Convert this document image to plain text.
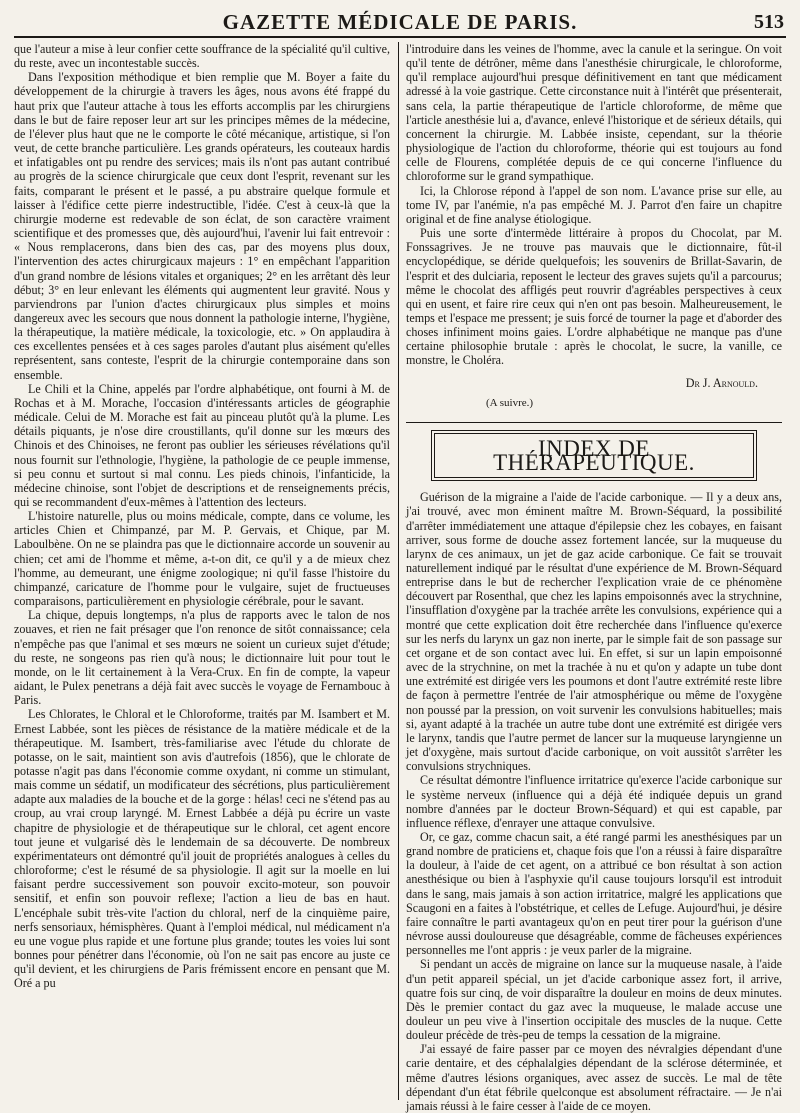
GAZETTE MÉDICALE DE PARIS.	513

que l'auteur a mise à leur confier cette souffrance de la spécialité qu'il cultive, du reste, avec un incontestable succès.

Dans l'exposition méthodique et bien remplie que M. Boyer a faite du développement de la chirurgie à travers les âges, nous avons été frappé du haut prix que l'auteur attache à tous les efforts accomplis par les chirurgiens dans le but de faire reposer leur art sur les principes mêmes de la médecine, de l'élever plus haut que ne le comporte le côté mécanique, artistique, si l'on veut, de cette branche particulière. Les grands opérateurs, les couteaux hardis et infatigables ont pu rendre des services; mais ils n'ont pas autant contribué au progrès de la science chirurgicale que ceux dont l'esprit, revenant sur les faits, comparant le présent et le passé, a pu abstraire quelque formule et laisser à l'édifice cette pierre indestructible, l'idée. C'est à ceux-là que la chirurgie moderne est redevable de son éclat, de son caractère vraiment scientifique et des promesses que, dès aujourd'hui, l'avenir lui fait entrevoir : « Nous remplacerons, dans bien des cas, par des moyens plus doux, l'intervention des actes chirurgicaux majeurs : 1° en empêchant l'apparition d'un grand nombre de lésions vitales et organiques; 2° en les arrêtant dès leur début; 3° en leur enlevant les éléments qui augmentent leur gravité. Nous y parviendrons par l'union d'actes chirurgicaux plus simples et moins dangereux avec les secours que nous donnent la pathologie interne, l'hygiène, la thérapeutique, la matière médicale, la toxicologie, etc. » On applaudira à ces excellentes pensées et à ces sages paroles d'autant plus aisément qu'elles représentent, sans conteste, l'esprit de la chirurgie contemporaine dans son ensemble.

Le Chili et la Chine, appelés par l'ordre alphabétique, ont fourni à M. de Rochas et à M. Morache, l'occasion d'intéressants articles de géographie médicale. Celui de M. Morache est fait au pinceau plutôt qu'à la plume. Les détails piquants, je n'ose dire croustillants, qu'il donne sur les mœurs des Chinois et des Chinoises, ne feront pas oublier les sérieuses révélations qu'il nous fournit sur l'ethnologie, l'hygiène, la pathologie de ce peuple immense, si peu connu et surtout si mal connu. Les pieds chinois, l'infanticide, la médecine chinoise, sont l'objet de descriptions et de renseignements précis, qui se recommandent d'eux-mêmes à l'attention des lecteurs.

L'histoire naturelle, plus ou moins médicale, compte, dans ce volume, les articles Chien et Chimpanzé, par M. P. Gervais, et Chique, par M. Laboulbène. On ne se plaindra pas que le dictionnaire accorde un souvenir au chien; cet ami de l'homme et même, a-t-on dit, ce qu'il y a de mieux chez l'homme, au demeurant, une énigme zoologique; ni qu'il fasse l'histoire du chimpanzé, caricature de l'homme pour le vulgaire, sujet de fructueuses comparaisons, particulièrement en physiologie cérébrale, pour le savant.

La chique, depuis longtemps, n'a plus de rapports avec le talon de nos zouaves, et rien ne fait présager que l'on renonce de sitôt connaissance; cela n'empêche pas que l'animal et ses mœurs ne soient un curieux sujet d'étude; du reste, ne songeons pas rien qu'à nous; le dictionnaire luit pour tout le monde, on le lit certainement à la Vera-Crux. En fin de compte, la vapeur aidant, le Pulex penetrans a déjà fait avec succès le voyage de Fernambouc à Paris.

Les Chlorates, le Chloral et le Chloroforme, traités par M. Isambert et M. Ernest Labbée, sont les pièces de résistance de la matière médicale et de la thérapeutique. M. Isambert, très-familiarise avec l'étude du chlorate de potasse, on le sait, maintient son avis d'autrefois (1856), que le chlorate de potasse n'agit pas dans l'économie comme oxydant, ni comme un stimulant, mais comme un sédatif, un modificateur des sécrétions, plus particulièrement adapte aux maladies de la bouche et de la gorge : hélas! ceci ne s'étend pas au croup, au vrai croup laryngé. M. Ernest Labbée a déjà pu écrire un vaste chapitre de physiologie et de thérapeutique sur le chloral, cet agent encore tout jeune et vulgarisé dès le lendemain de sa découverte. De nombreux expérimentateurs ont démontré qu'il jouit de propriétés analogues à celles du chloroforme; c'est le résumé de sa physiologie. Il agit sur la moelle en lui faisant perdre successivement son pouvoir excito-moteur, son pouvoir sensitif, et enfin son pouvoir reflexe; l'action a lieu de bas en haut. L'encéphale subit très-vite l'action du chloral, nerf de la cinquième paire, nerfs sensoriaux, hémisphères. Quant à l'emploi médical, nul médicament n'a eu une vogue plus rapide et une fortune plus grande; toutes les voies lui sont bonnes pour pénétrer dans l'économie, où l'on ne sait pas encore au juste ce qu'il devient, et les chirurgiens de Paris frémissent encore en pensant que M. Oré a pu

l'introduire dans les veines de l'homme, avec la canule et la seringue. On voit qu'il tente de détrôner, même dans l'anesthésie chirurgicale, le chloroforme, qu'il remplace aujourd'hui presque définitivement en tant que médicament adressé à la voie gastrique. Cette circonstance nuit à l'intérêt que présenterait, sans cela, la partie thérapeutique de l'article chloroforme, de même que l'article anesthésie lui a, d'avance, enlevé l'historique et de sérieux détails, qui concernent la chirurgie. M. Labbée insiste, cependant, sur la théorie physiologique de l'action du chloroforme, théorie qui est toujours au fond celle de Flourens, complétée depuis de ce qui concerne l'influence du chloroforme sur le grand sympathique.

Ici, la Chlorose répond à l'appel de son nom. L'avance prise sur elle, au tome IV, par l'anémie, n'a pas empêché M. J. Parrot d'en faire un chapitre original et de fine analyse étiologique.

Puis une sorte d'intermède littéraire à propos du Chocolat, par M. Fonssagrives. Je ne trouve pas mauvais que le dictionnaire, fût-il encyclopédique, se déride quelquefois; les souvenirs de Brillat-Savarin, de l'esprit et des dulciaria, reposent le lecteur des graves sujets qu'il a parcourus; même le chocolat des affligés peut rouvrir d'agréables perspectives à ceux qui en usent, et faire rire ceux qui n'en ont pas besoin. Malheureusement, le temps et l'espace me pressent; je suis forcé de tourner la page et d'aborder des choses infiniment moins gaies. L'ordre alphabétique ne manque pas d'une certaine philosophie brutale : après le chocolat, le sucre, la vanille, ce monstre, le Choléra.

Dr J. Arnould.
(A suivre.)
INDEX DE THÉRAPEUTIQUE.

Guérison de la migraine a l'aide de l'acide carbonique. — Il y a deux ans, j'ai trouvé, avec mon éminent maître M. Brown-Séquard, la possibilité d'arrêter immédiatement une attaque d'épilepsie chez les cobayes, en faisant arriver, sous forme de douche assez fortement lancée, sur la muqueuse du larynx de ces animaux, un jet de gaz acide carbonique. Ce fait se trouvait naturellement indiqué par le résultat d'une expérience de M. Brown-Séquard entreprise dans le but de rechercher l'explication vraie de ce phénomène découvert par Rosenthal, que chez les lapins empoisonnés avec la strychnine, l'insufflation d'oxygène par la trachée arrête les convulsions, expérience qui a montré que cette explication doit être recherchée dans l'influence qu'exerce sur les nerfs du larynx un gaz non inerte, par le simple fait de son passage sur cet organe et de son contact avec lui. En effet, si sur un lapin empoisonné avec de la strychnine, on met la trachée à nu et qu'on y adapte un tube dont une extrémité est dirigée vers les poumons et dont l'autre extrémité reste libre de façon à permettre l'entrée de l'air atmosphérique ou même de l'oxygène non poussé par la pression, on voit survenir les convulsions habituelles; mais si, ayant adapté à la trachée un autre tube dont une extrémité est dirigée vers le larynx, tandis que l'autre permet de lancer sur la muqueuse laryngienne un jet d'oxygène, mais surtout d'acide carbonique, on voit aussitôt s'arrêter les convulsions strychniques.

Ce résultat démontre l'influence irritatrice qu'exerce l'acide carbonique sur le système nerveux (influence qui a déjà été indiquée depuis un grand nombre d'années par le docteur Brown-Séquard) et qui est capable, par influence réflexe, d'enrayer une attaque convulsive.

Or, ce gaz, comme chacun sait, a été rangé parmi les anesthésiques par un grand nombre de praticiens et, chaque fois que l'on a réussi à faire disparaître la douleur, à l'aide de cet agent, on a attribué ce bon résultat à son action anesthésique ou bien à l'asphyxie qu'il cause toujours lorsqu'il est introduit dans le sang, mais jamais à son action irritatrice, malgré les applications que Scaugoni en a faites à l'obstétrique, et celles de Lefuge. Aujourd'hui, je désire faire connaître le parti avantageux qu'on en peut tirer pour la guérison d'une névrose aussi douloureuse que désagréable, comme de fâcheuses expériences personnelles me l'ont appris : je veux parler de la migraine.

Si pendant un accès de migraine on lance sur la muqueuse nasale, à l'aide d'un petit appareil spécial, un jet d'acide carbonique assez fort, il arrive, quatre fois sur cinq, de voir disparaître la douleur en moins de deux minutes. Dès le premier contact du gaz avec la muqueuse, le malade accuse une douleur un peu vive à l'insertion occipitale des muscles de la nuque. Cette douleur précède de très-peu de temps la cessation de la migraine.

J'ai essayé de faire passer par ce moyen des névralgies dépendant d'une carie dentaire, et des céphalalgies dépendant de la sclérose déterminée, et même d'autres lésions organiques, avec assez de succès. Le mal de tête dépendant d'un état fébrile quelconque est absolument réfractaire. — Je n'ai jamais réussi à le faire cesser à l'aide de ce moyen.
